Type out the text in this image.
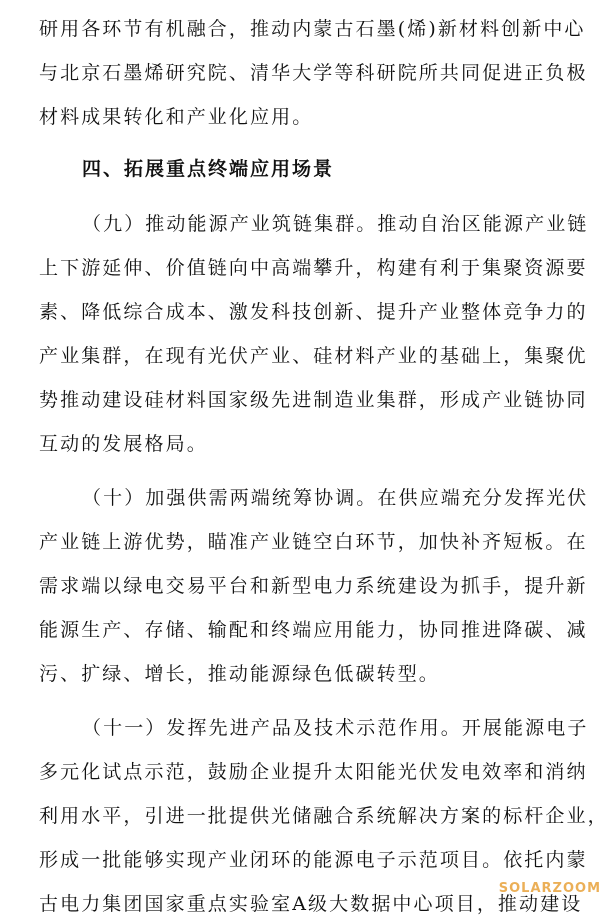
研用各环节有机融合，推动内蒙古石墨(烯)新材料创新中心
与北京石墨烯研究院、清华大学等科研院所共同促进正负极
材料成果转化和产业化应用。
四、拓展重点终端应用场景
（九）推动能源产业筑链集群。推动自治区能源产业链
上下游延伸、价值链向中高端攀升，构建有利于集聚资源要
素、降低综合成本、激发科技创新、提升产业整体竞争力的
产业集群，在现有光伏产业、硅材料产业的基础上，集聚优
势推动建设硅材料国家级先进制造业集群，形成产业链协同
互动的发展格局。
（十）加强供需两端统筹协调。在供应端充分发挥光伏
产业链上游优势，瞄准产业链空白环节，加快补齐短板。在
需求端以绿电交易平台和新型电力系统建设为抓手，提升新
能源生产、存储、输配和终端应用能力，协同推进降碳、减
污、扩绿、增长，推动能源绿色低碳转型。
（十一）发挥先进产品及技术示范作用。开展能源电子
多元化试点示范，鼓励企业提升太阳能光伏发电效率和消纳
利用水平，引进一批提供光储融合系统解决方案的标杆企业，
形成一批能够实现产业闭环的能源电子示范项目。依托内蒙
古电力集团国家重点实验室A级大数据中心项目，推动建设
SOLARZOOM
